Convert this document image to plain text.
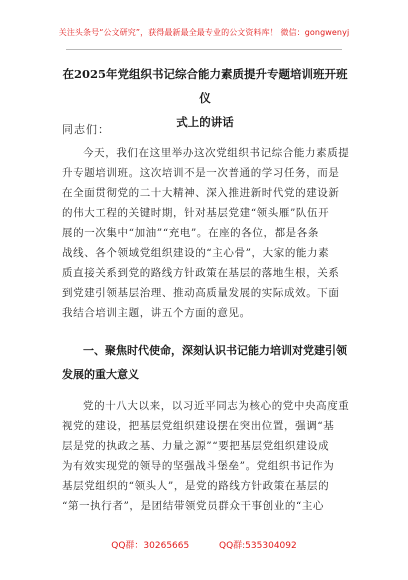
关注头条号“公文研究”，获得最新最全最专业的公文资料库！ 微信：gongwenyj
在2025年党组织书记综合能力素质提升专题培训班开班仪
式上的讲话
同志们：
今天，我们在这里举办这次党组织书记综合能力素质提
升专题培训班。这次培训不是一次普通的学习任务，而是
在全面贯彻党的二十大精神、深入推进新时代党的建设新
的伟大工程的关键时期，针对基层党建“领头雁”队伍开
展的一次集中“加油”“充电”。在座的各位，都是各条
战线、各个领域党组织建设的“主心骨”，大家的能力素
质直接关系到党的路线方针政策在基层的落地生根，关系
到党建引领基层治理、推动高质量发展的实际成效。下面
我结合培训主题，讲五个方面的意见。
一、聚焦时代使命，深刻认识书记能力培训对党建引领
发展的重大意义
党的十八大以来，以习近平同志为核心的党中央高度重
视党的建设，把基层党组织建设摆在突出位置，强调“基
层是党的执政之基、力量之源”“要把基层党组织建设成
为有效实现党的领导的坚强战斗堡垒”。党组织书记作为
基层党组织的“领头人”，是党的路线方针政策在基层的
“第一执行者”，是团结带领党员群众干事创业的“主心
QQ群：30265665	QQ群:535304092
